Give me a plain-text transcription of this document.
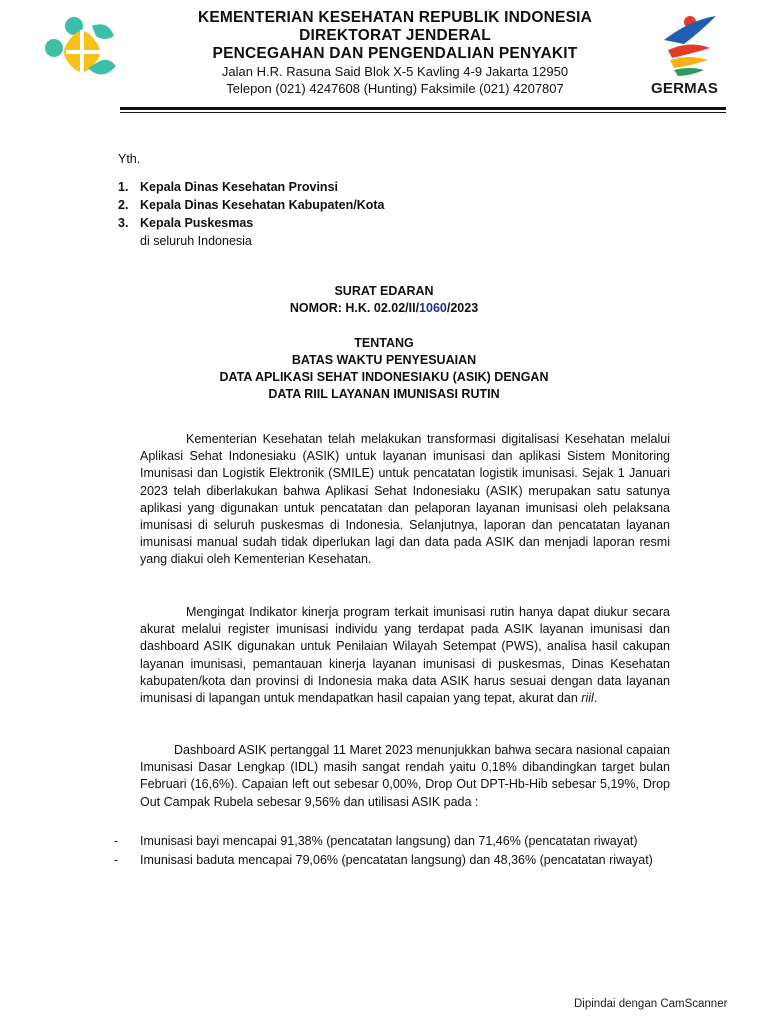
KEMENTERIAN KESEHATAN REPUBLIK INDONESIA
DIREKTORAT JENDERAL
PENCEGAHAN DAN PENGENDALIAN PENYAKIT
Jalan H.R. Rasuna Said Blok X-5 Kavling 4-9 Jakarta 12950
Telepon (021) 4247608 (Hunting) Faksimile (021) 4207807	GERMAS
Yth.
1. Kepala Dinas Kesehatan Provinsi
2. Kepala Dinas Kesehatan Kabupaten/Kota
3. Kepala Puskesmas
di seluruh Indonesia
SURAT EDARAN
NOMOR: H.K. 02.02/II/1060/2023
TENTANG
BATAS WAKTU PENYESUAIAN
DATA APLIKASI SEHAT INDONESIAKU (ASIK) DENGAN
DATA RIIL LAYANAN IMUNISASI RUTIN

Kementerian Kesehatan telah melakukan transformasi digitalisasi Kesehatan melalui Aplikasi Sehat Indonesiaku (ASIK) untuk layanan imunisasi dan aplikasi Sistem Monitoring Imunisasi dan Logistik Elektronik (SMILE) untuk pencatatan logistik imunisasi. Sejak 1 Januari 2023 telah diberlakukan bahwa Aplikasi Sehat Indonesiaku (ASIK) merupakan satu satunya aplikasi yang digunakan untuk pencatatan dan pelaporan layanan imunisasi oleh pelaksana imunisasi di seluruh puskesmas di Indonesia. Selanjutnya, laporan dan pencatatan layanan imunisasi manual sudah tidak diperlukan lagi dan data pada ASIK dan menjadi laporan resmi yang diakui oleh Kementerian Kesehatan.

Mengingat Indikator kinerja program terkait imunisasi rutin hanya dapat diukur secara akurat melalui register imunisasi individu yang terdapat pada ASIK layanan imunisasi dan dashboard ASIK digunakan untuk Penilaian Wilayah Setempat (PWS), analisa hasil cakupan layanan imunisasi, pemantauan kinerja layanan imunisasi di puskesmas, Dinas Kesehatan kabupaten/kota dan provinsi di Indonesia maka data ASIK harus sesuai dengan data layanan imunisasi di lapangan untuk mendapatkan hasil capaian yang tepat, akurat dan riil.

Dashboard ASIK pertanggal 11 Maret 2023 menunjukkan bahwa secara nasional capaian Imunisasi Dasar Lengkap (IDL) masih sangat rendah yaitu 0,18% dibandingkan target bulan Februari (16,6%). Capaian left out sebesar 0,00%, Drop Out DPT-Hb-Hib sebesar 5,19%, Drop Out Campak Rubela sebesar 9,56% dan utilisasi ASIK pada :

- Imunisasi bayi mencapai 91,38% (pencatatan langsung) dan 71,46% (pencatatan riwayat)
- Imunisasi baduta mencapai 79,06% (pencatatan langsung) dan 48,36% (pencatatan riwayat)
Dipindai dengan CamScanner
